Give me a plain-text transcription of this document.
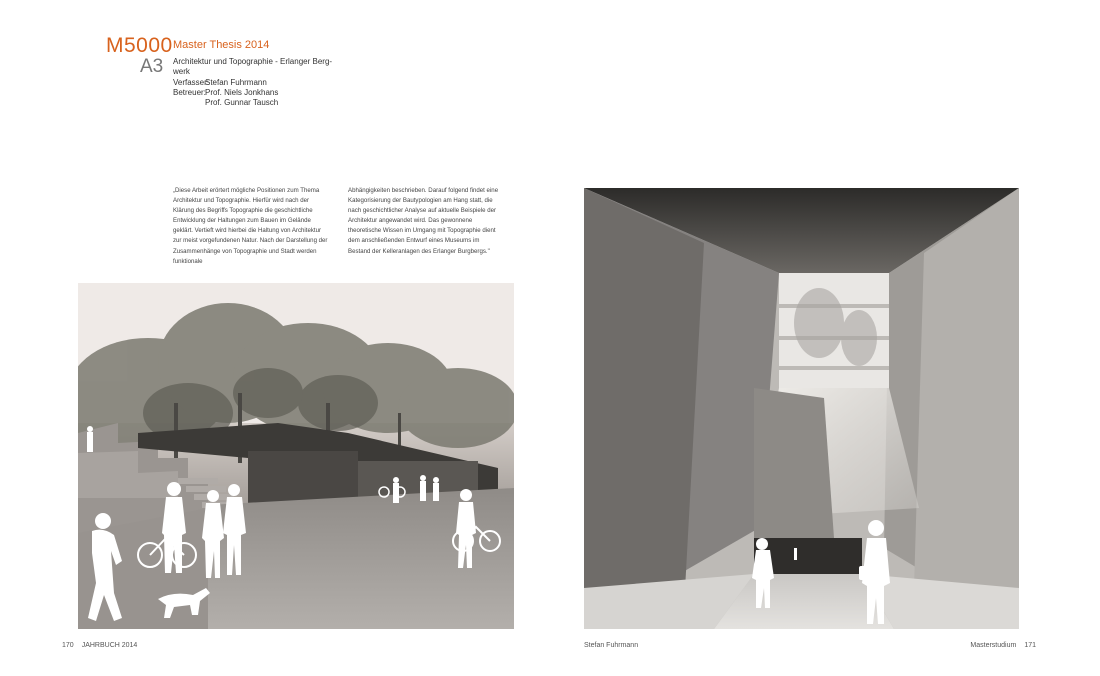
M5000
A3
Master Thesis 2014
Architektur und Topographie - Erlanger Berg-werk
Verfasser:Stefan Fuhrmann
Betreuer:Prof. Niels Jonkhans
Prof. Gunnar Tausch
„Diese Arbeit erörtert mögliche Positionen zum Thema Architektur und Topographie. Hierfür wird nach der Klärung des Begriffs Topographie die geschichtliche Entwicklung der Haltungen zum Bauen im Gelände geklärt. Vertieft wird hierbei die Haltung von Architektur zur meist vorgefundenen Natur. Nach der Darstellung der Zusammenhänge von Topographie und Stadt werden funktionale
Abhängigkeiten beschrieben. Darauf folgend findet eine Kategorisierung der Bautypologien am Hang statt, die nach geschichtlicher Analyse auf aktuelle Beispiele der Architektur angewandet wird. Das gewonnene theoretische Wissen im Umgang mit Topographie dient dem anschließenden Entwurf eines Museums im Bestand der Kelleranlagen des Erlanger Burgbergs."
170 JAHRBUCH 2014	Stefan Fuhrmann	Masterstudium 171
